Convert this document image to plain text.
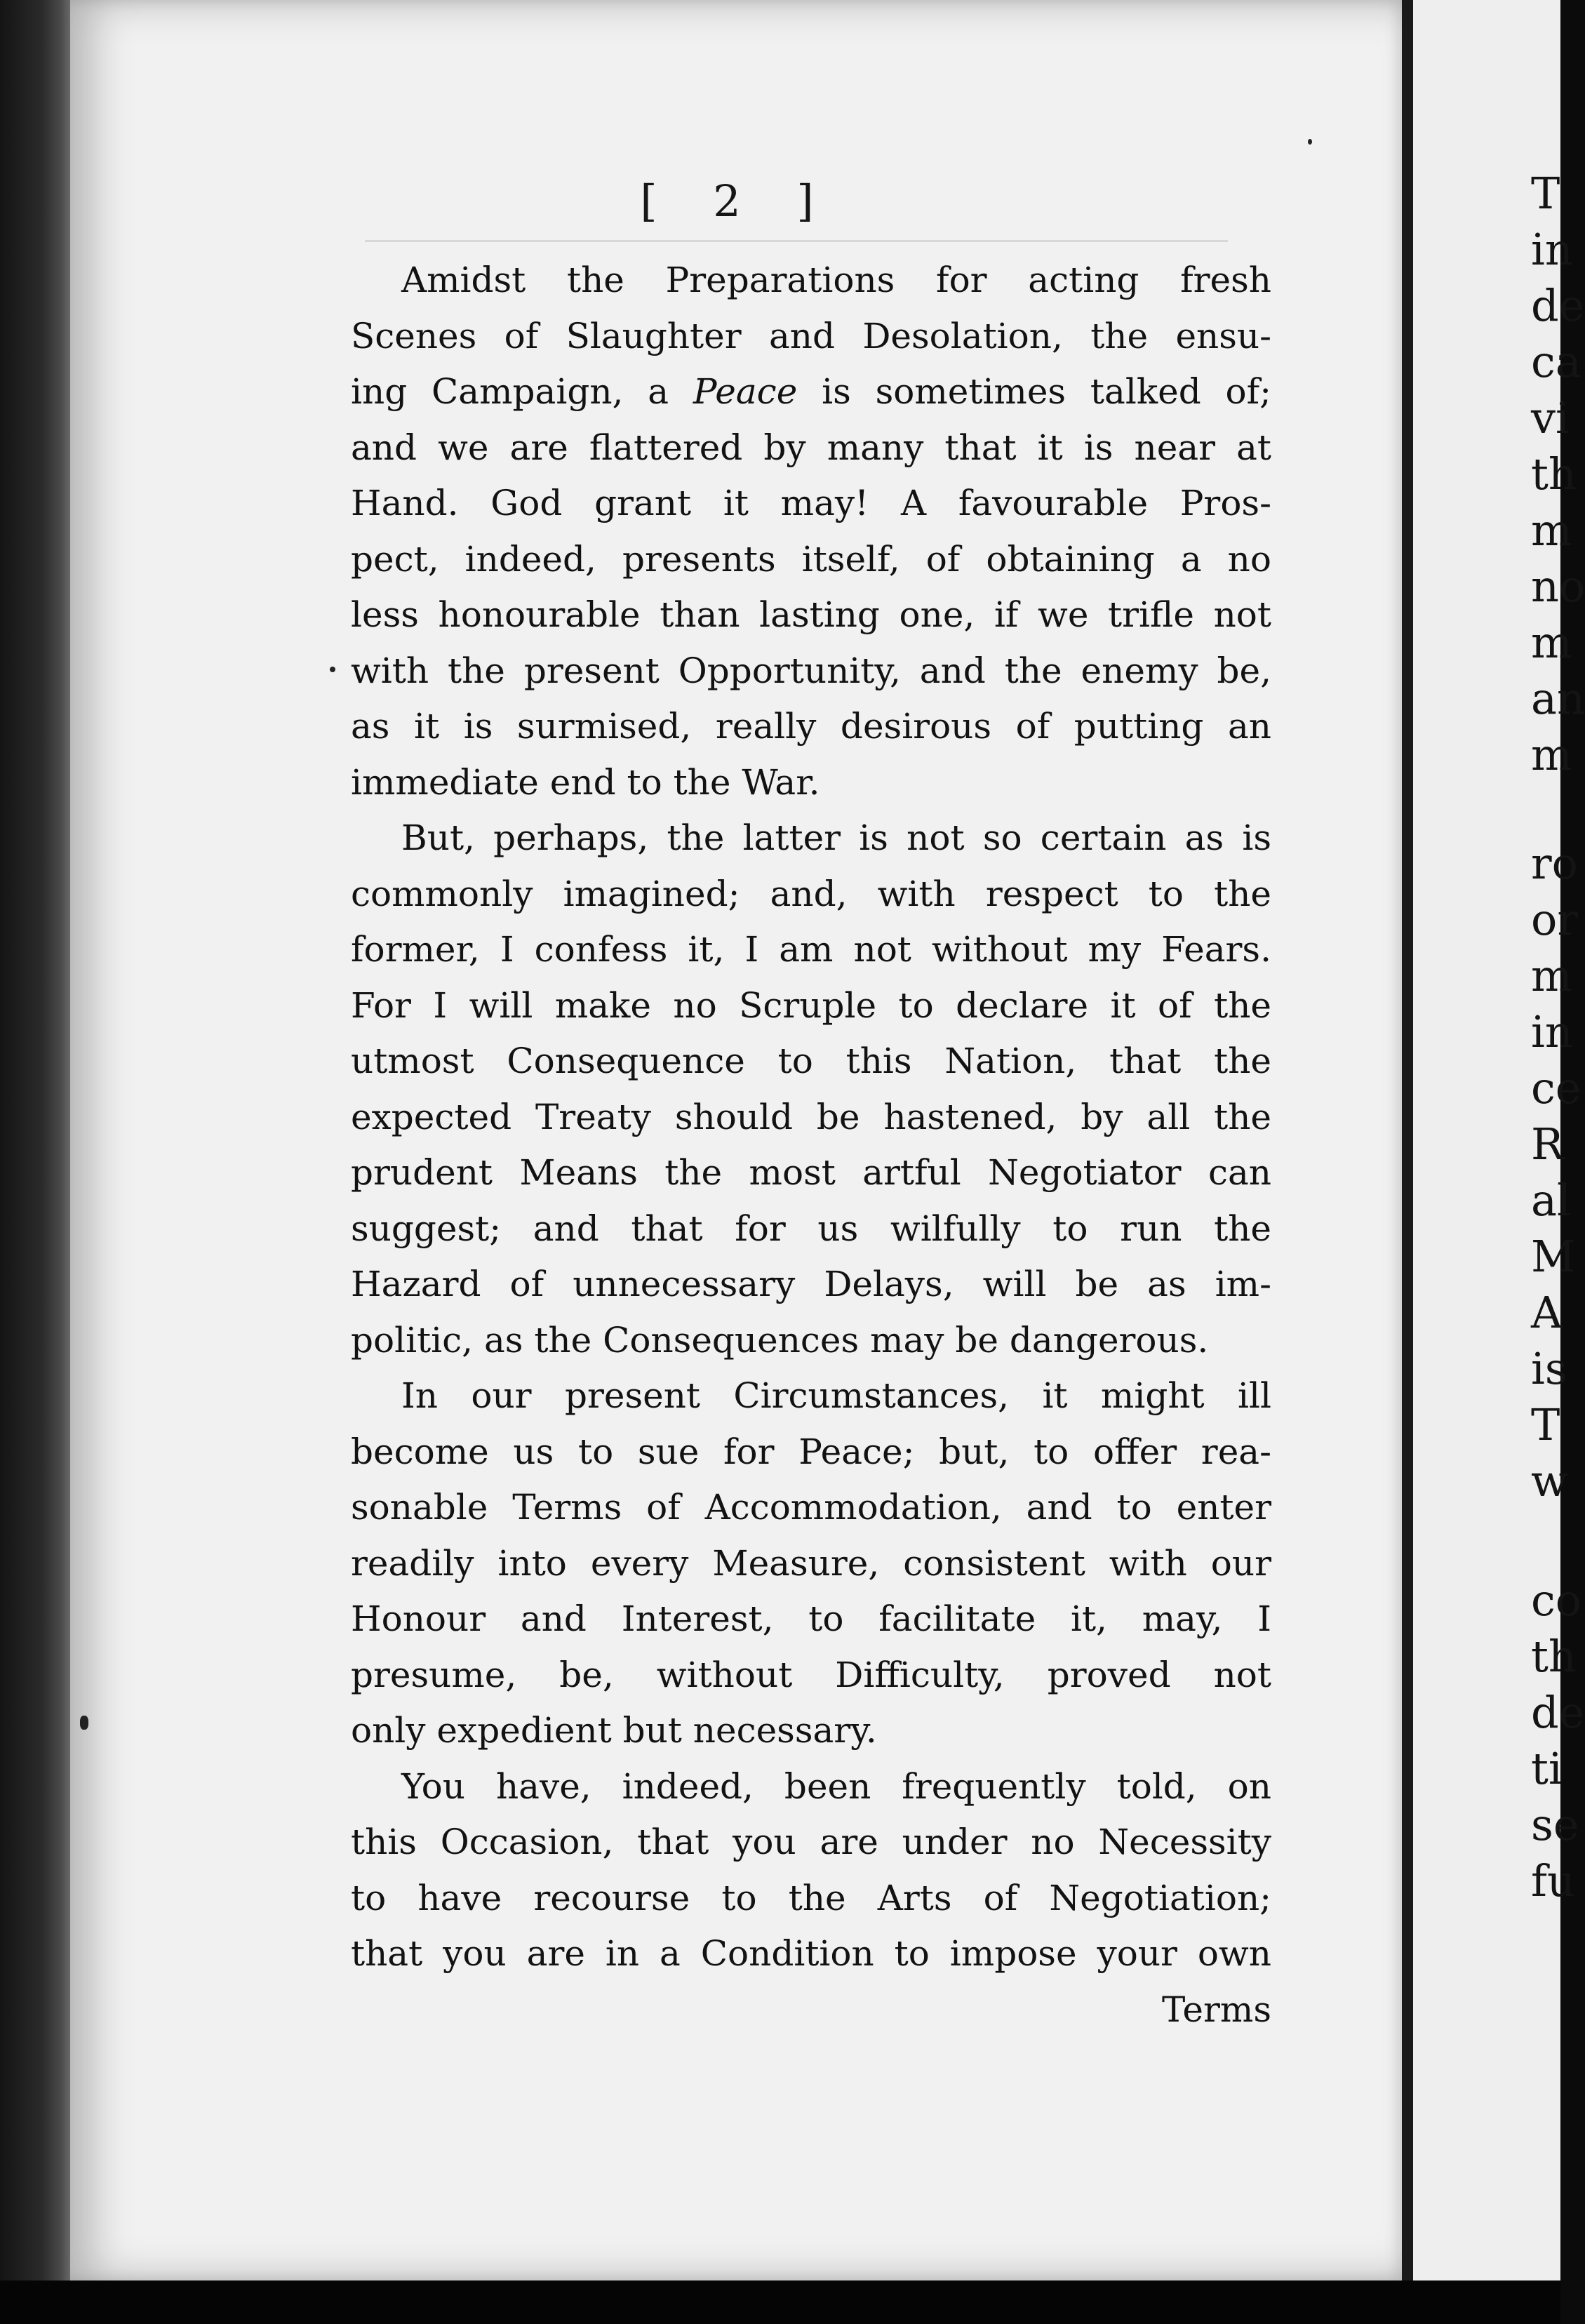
[ 2 ]
Amidst the Preparations for acting fresh
Scenes of Slaughter and Desolation, the ensu-
ing Campaign, a Peace is sometimes talked of;
and we are flattered by many that it is near at
Hand. God grant it may! A favourable Pros-
pect, indeed, presents itself, of obtaining a no
less honourable than lasting one, if we trifle not
with the present Opportunity, and the enemy be,
as it is surmised, really desirous of putting an
immediate end to the War.
But, perhaps, the latter is not so certain as is
commonly imagined; and, with respect to the
former, I confess it, I am not without my Fears.
For I will make no Scruple to declare it of the
utmost Consequence to this Nation, that the
expected Treaty should be hastened, by all the
prudent Means the most artful Negotiator can
suggest; and that for us wilfully to run the
Hazard of unnecessary Delays, will be as im-
politic, as the Consequences may be dangerous.
In our present Circumstances, it might ill
become us to sue for Peace; but, to offer rea-
sonable Terms of Accommodation, and to enter
readily into every Measure, consistent with our
Honour and Interest, to facilitate it, may, I
presume, be, without Difficulty, proved not
only expedient but necessary.
You have, indeed, been frequently told, on
this Occasion, that you are under no Necessity
to have recourse to the Arts of Negotiation;
that you are in a Condition to impose your own
Terms
T
in
de
ca
vi
th
m
no
m
an
m
ro
or
m
in
ce
R
al
M
A
is
T
w
co
th
de
ti
se
fu
